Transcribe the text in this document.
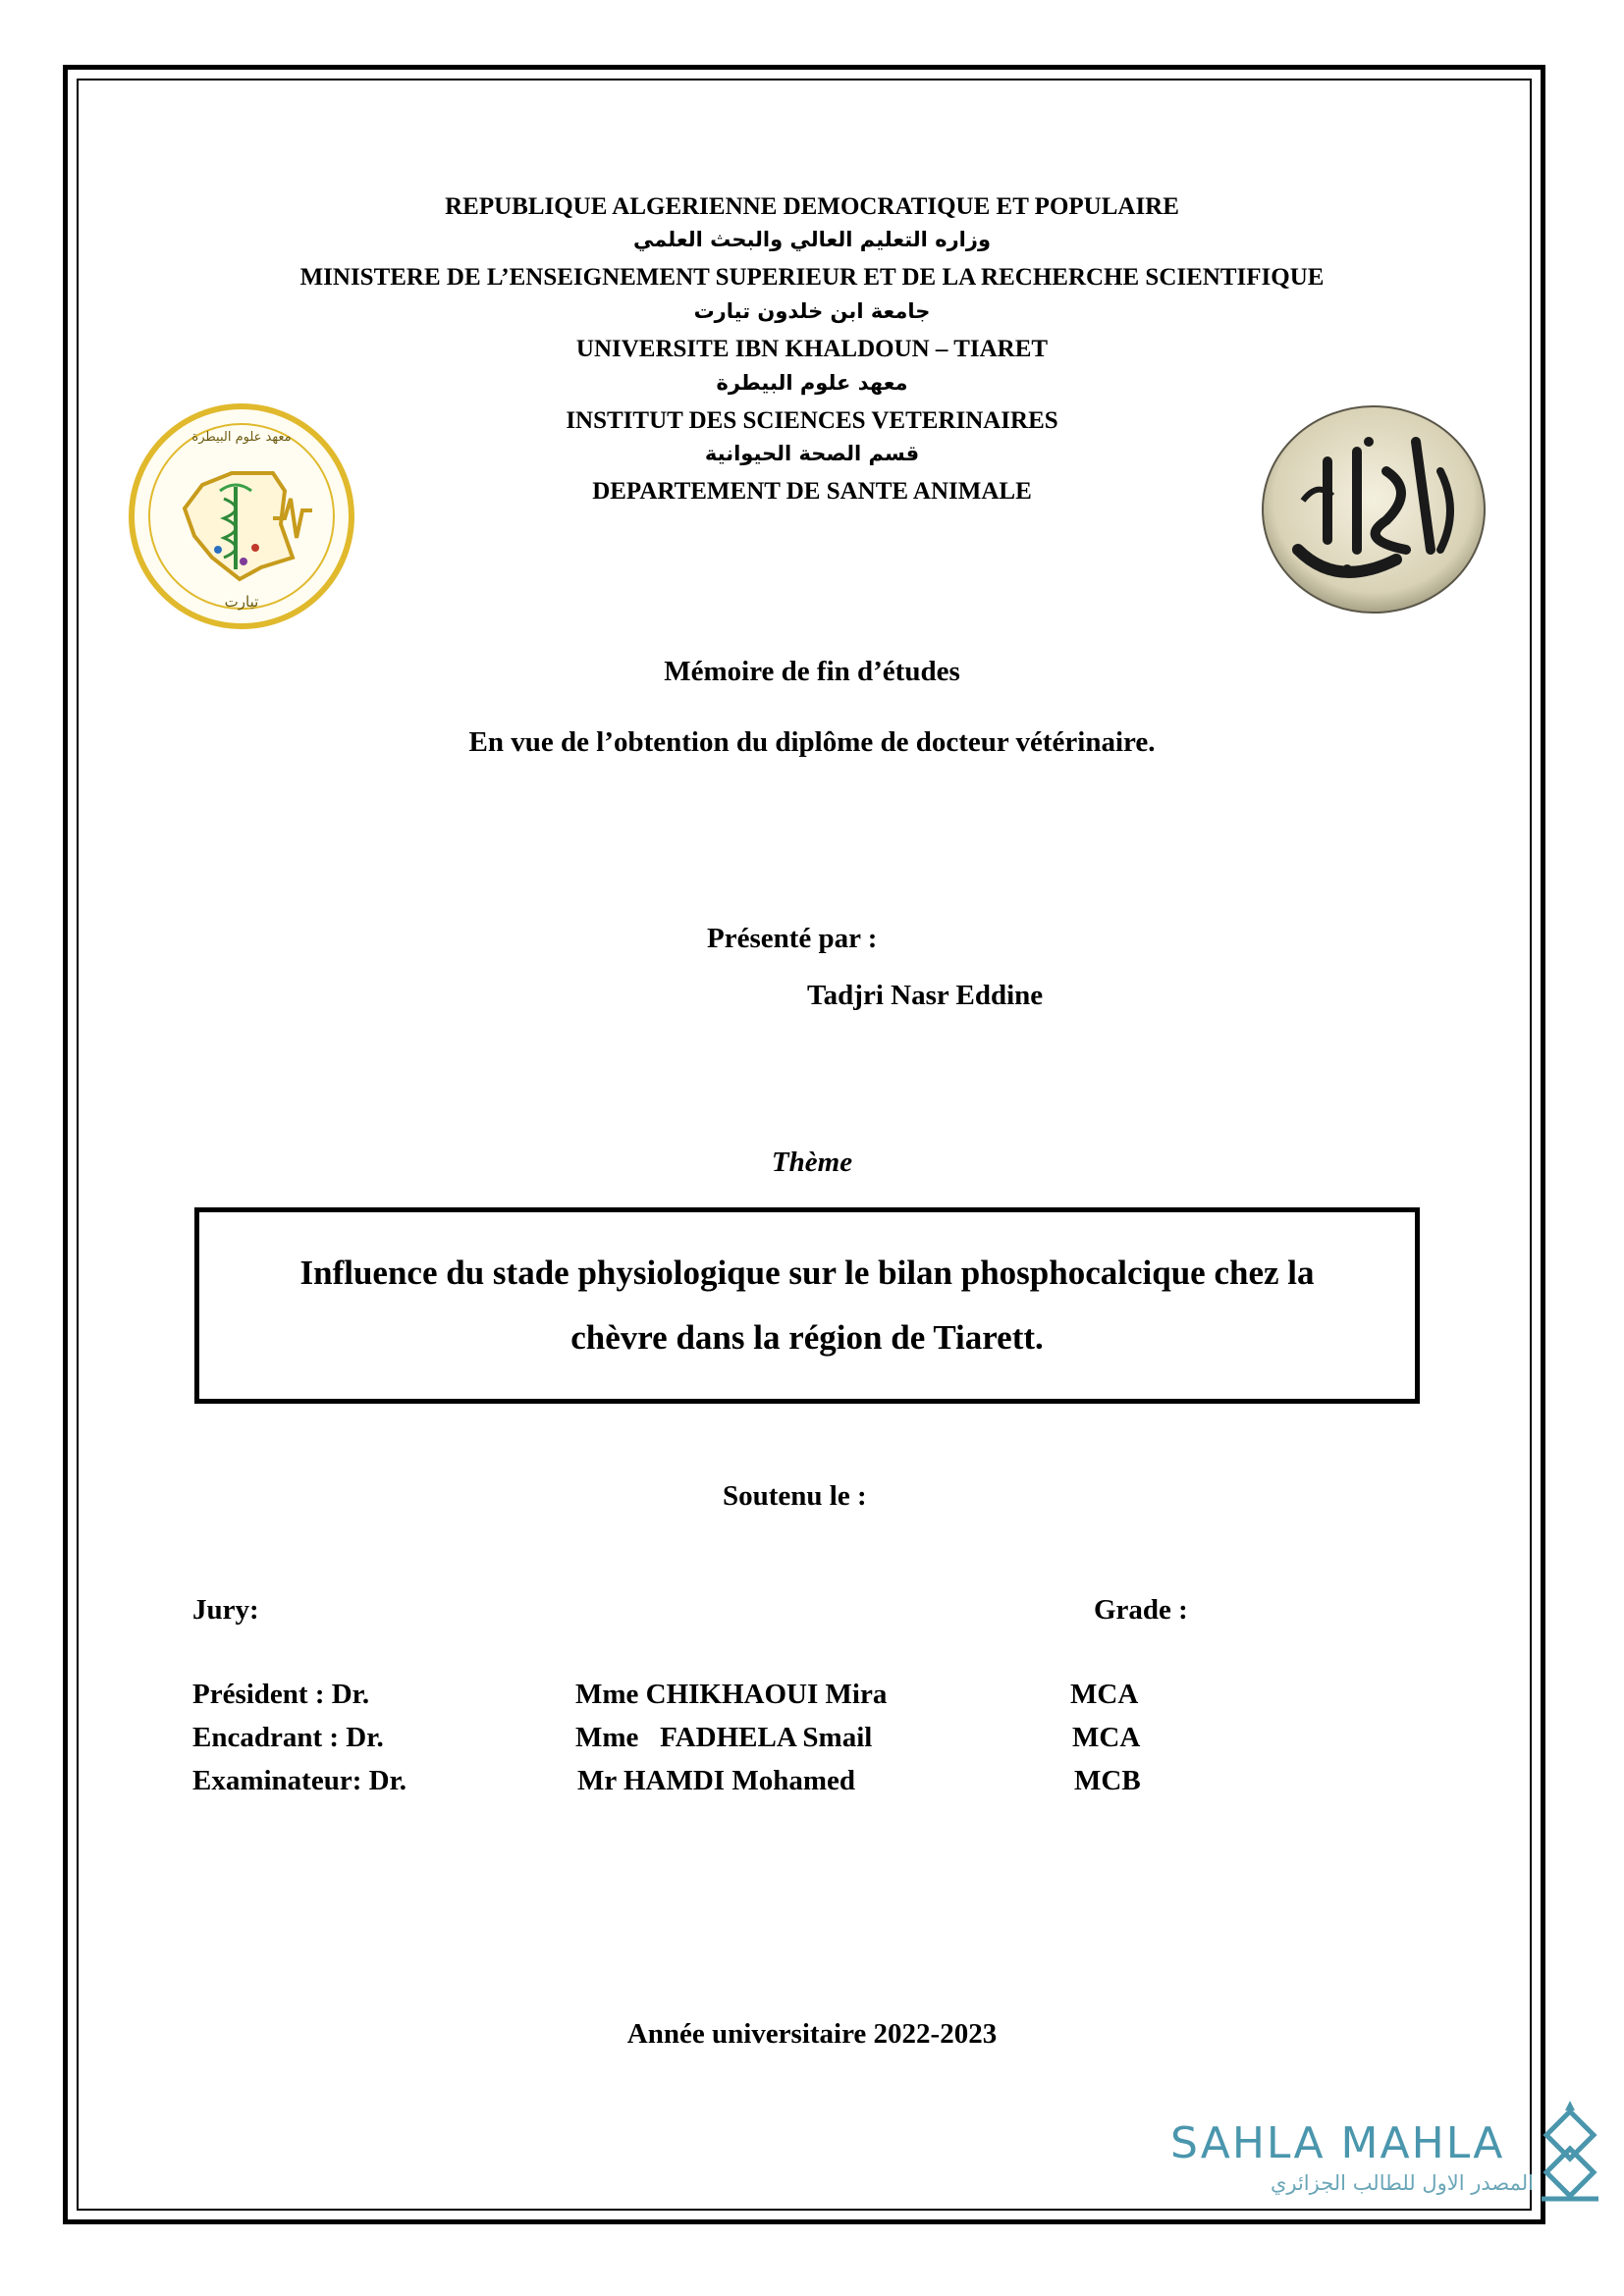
REPUBLIQUE ALGERIENNE DEMOCRATIQUE ET POPULAIRE
وزاره التعليم العالي والبحث العلمي
MINISTERE DE L’ENSEIGNEMENT SUPERIEUR ET DE LA RECHERCHE SCIENTIFIQUE
جامعة ابن خلدون تيارت
UNIVERSITE IBN KHALDOUN – TIARET
معهد علوم البيطرة
INSTITUT DES SCIENCES VETERINAIRES
قسم الصحة الحيوانية
DEPARTEMENT DE SANTE ANIMALE
معهد علوم البيطرة
تيارت
Mémoire de fin d’études
En vue de l’obtention du diplôme de docteur vétérinaire.
Présenté par :
Tadjri Nasr Eddine
Thème
Influence du stade physiologique sur le bilan phosphocalcique chez la
chèvre dans la région de Tiarett.
Soutenu le :
Jury:	Grade :
Président : Dr.	Mme CHIKHAOUI Mira	MCA
Encadrant : Dr.	Mme   FADHELA Smail	MCA
Examinateur: Dr.	Mr HAMDI Mohamed	MCB
Année universitaire 2022-2023
SAHLA MAHLA
المصدر الاول للطالب الجزائري
